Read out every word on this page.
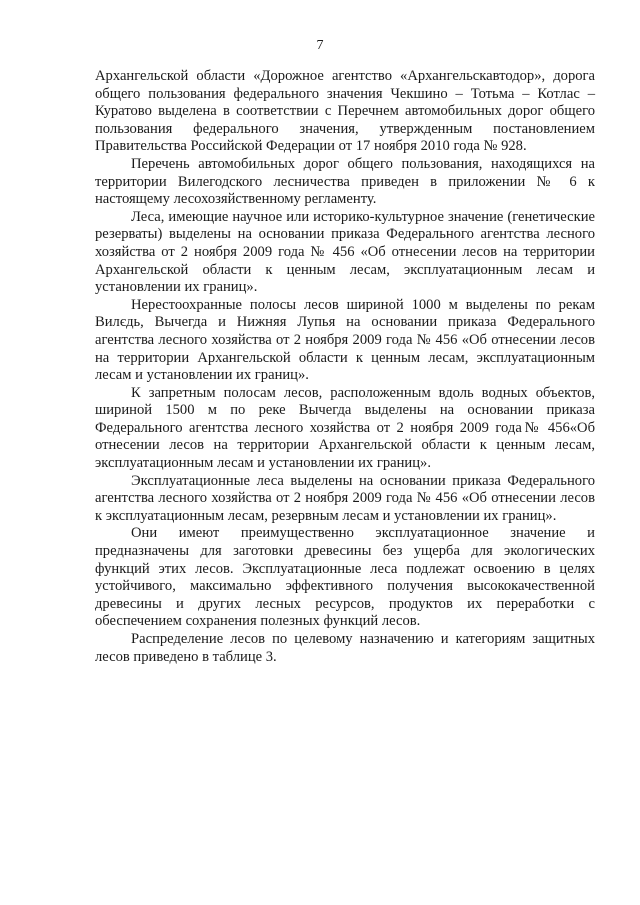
7

Архангельской области «Дорожное агентство «Архангельскавтодор», дорога общего пользования федерального значения Чекшино – Тотьма – Котлас – Куратово выделена в соответствии с Перечнем автомобильных дорог общего пользования федерального значения, утвержденным постановлением Правительства Российской Федерации от 17 ноября 2010 года № 928.

Перечень автомобильных дорог общего пользования, находящихся на территории Вилегодского лесничества приведен в приложении № 6 к настоящему лесохозяйственному регламенту.

Леса, имеющие научное или историко-культурное значение (генетические резерваты) выделены на основании приказа Федерального агентства лесного хозяйства от 2 ноября 2009 года № 456 «Об отнесении лесов на территории Архангельской области к ценным лесам, эксплуатационным лесам и установлении их границ».

Нерестоохранные полосы лесов шириной 1000 м выделены по рекам Вилєдь, Вычегда и Нижняя Лупья на основании приказа Федерального агентства лесного хозяйства от 2 ноября 2009 года № 456 «Об отнесении лесов на территории Архангельской области к ценным лесам, эксплуатационным лесам и установлении их границ».

К запретным полосам лесов, расположенным вдоль водных объектов, шириной 1500 м по реке Вычегда выделены на основании приказа Федерального агентства лесного хозяйства от 2 ноября 2009 года№ 456«Об отнесении лесов на территории Архангельской области к ценным лесам, эксплуатационным лесам и установлении их границ».

Эксплуатационные леса выделены на основании приказа Федерального агентства лесного хозяйства от 2 ноября 2009 года № 456 «Об отнесении лесов к эксплуатационным лесам, резервным лесам и установлении их границ».

Они имеют преимущественно эксплуатационное значение и предназначены для заготовки древесины без ущерба для экологических функций этих лесов. Эксплуатационные леса подлежат освоению в целях устойчивого, максимально эффективного получения высококачественной древесины и других лесных ресурсов, продуктов их переработки с обеспечением сохранения полезных функций лесов.

Распределение лесов по целевому назначению и категориям защитных лесов приведено в таблице 3.
